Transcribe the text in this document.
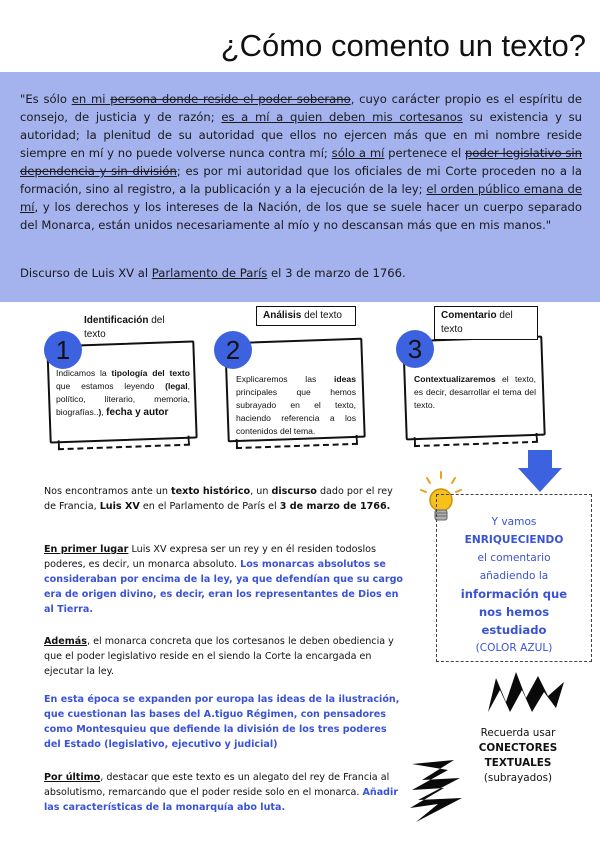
¿Cómo comento un texto?

"Es sólo en mi persona donde reside el poder soberano, cuyo carácter propio es el espíritu de consejo, de justicia y de razón; es a mí a quien deben mis cortesanos su existencia y su autoridad; la plenitud de su autoridad que ellos no ejercen más que en mi nombre reside siempre en mí y no puede volverse nunca contra mí; sólo a mí pertenece el poder legislativo sin dependencia y sin división; es por mi autoridad que los oficiales de mi Corte proceden no a la formación, sino al registro, a la publicación y a la ejecución de la ley; el orden público emana de mí, y los derechos y los intereses de la Nación, de los que se suele hacer un cuerpo separado del Monarca, están unidos necesariamente al mío y no descansan más que en mis manos."

Discurso de Luis XV al Parlamento de París el 3 de marzo de 1766.

Identificación del texto
1

Indicamos la tipología del texto que estamos leyendo (legal, político, literario, memoria, biografías..), fecha y autor

Análisis del texto
2

Explicaremos las ideas principales que hemos subrayado en el texto, haciendo referencia a los contenidos del tema.

Comentario del texto
3

Contextualizaremos el texto, es decir, desarrollar el tema del texto.

Nos encontramos ante un texto histórico, un discurso dado por el rey de Francia, Luis XV en el Parlamento de París el 3 de marzo de 1766.

En primer lugar Luis XV expresa ser un rey y en él residen todoslos poderes, es decir, un monarca absoluto. Los monarcas absolutos se consideraban por encima de la ley, ya que defendían que su cargo era de origen divino, es decir, eran los representantes de Dios en al Tierra.

Además, el monarca concreta que los cortesanos le deben obediencia y que el poder legislativo reside en el siendo la Corte la encargada en ejecutar la ley.

En esta época se expanden por europa las ideas de la ilustración, que cuestionan las bases del A.tiguo Régimen, con pensadores como Montesquieu que defiende la división de los tres poderes del Estado (legislativo, ejecutivo y judicial)

Por último, destacar que este texto es un alegato del rey de Francia al absolutismo, remarcando que el poder reside solo en el monarca. Añadir las características de la monarquía abo luta.

Y vamos
ENRIQUECIENDO
el comentario
añadiendo la
información que
nos hemos
estudiado
(COLOR AZUL)
Recuerda usar
CONECTORES
TEXTUALES
(subrayados)
